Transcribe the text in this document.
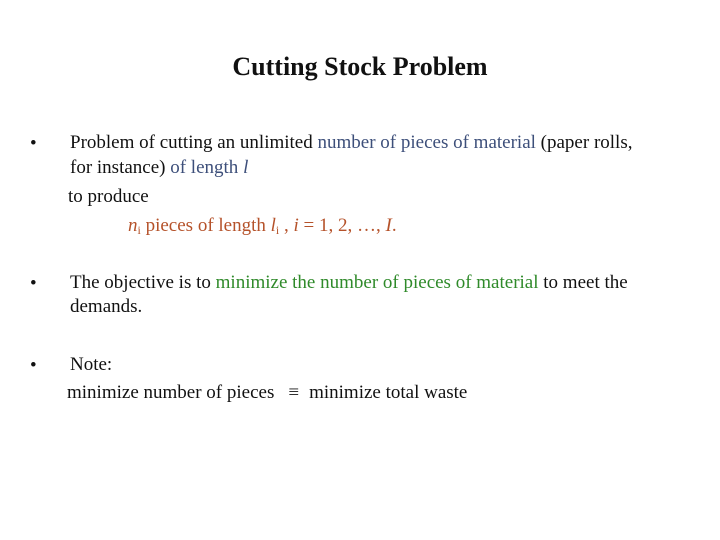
Cutting Stock Problem
• Problem of cutting an unlimited number of pieces of material (paper rolls,
for instance) of length l
to produce
$n_i$ pieces of length $l_i$ , i = 1, 2, …, I.
• The objective is to minimize the number of pieces of material to meet the
demands.
• Note:
minimize number of pieces ≡ minimize total waste
